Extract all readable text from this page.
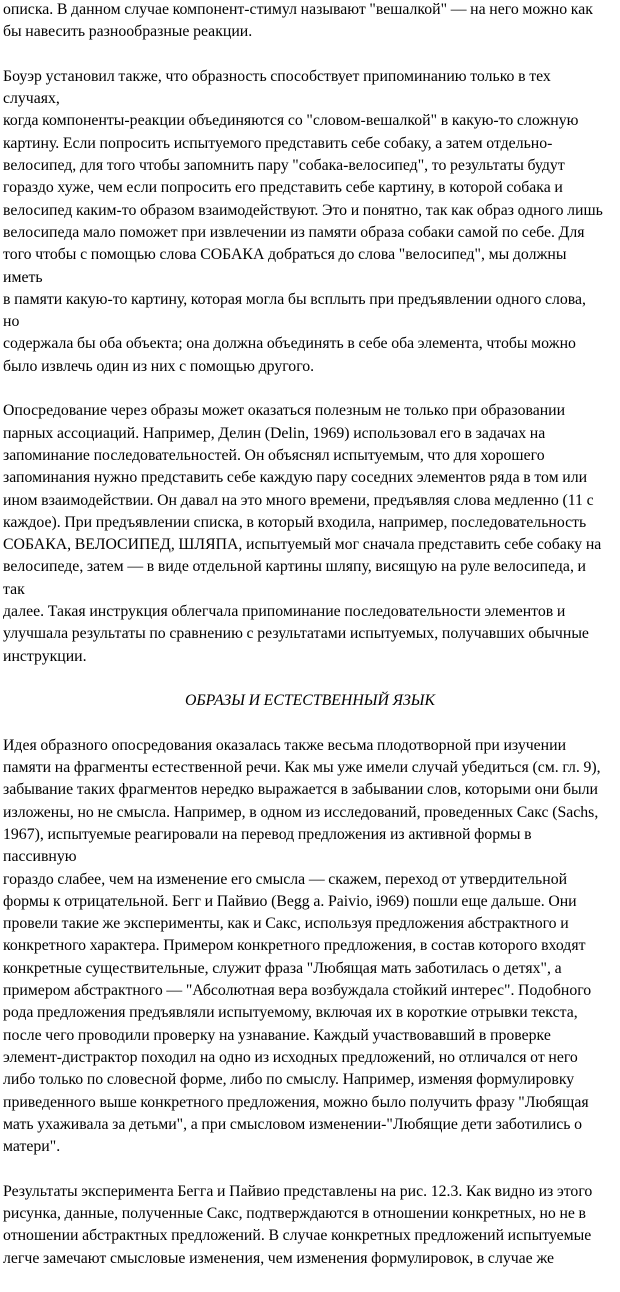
описка. В данном случае компонент-стимул называют "вешалкой" — на него можно как
бы навесить разнообразные реакции.

Боуэр установил также, что образность способствует припоминанию только в тех случаях,
когда компоненты-реакции объединяются со "словом-вешалкой" в какую-то сложную
картину. Если попросить испытуемого представить себе собаку, а затем отдельно-
велосипед, для того чтобы запомнить пару "собака-велосипед", то результаты будут
гораздо хуже, чем если попросить его представить себе картину, в которой собака и
велосипед каким-то образом взаимодействуют. Это и понятно, так как образ одного лишь
велосипеда мало поможет при извлечении из памяти образа собаки самой по себе. Для
того чтобы с помощью слова СОБАКА добраться до слова "велосипед", мы должны иметь
в памяти какую-то картину, которая могла бы всплыть при предъявлении одного слова, но
содержала бы оба объекта; она должна объединять в себе оба элемента, чтобы можно
было извлечь один из них с помощью другого.

Опосредование через образы может оказаться полезным не только при образовании
парных ассоциаций. Например, Делин (Delin, 1969) использовал его в задачах на
запоминание последовательностей. Он объяснял испытуемым, что для хорошего
запоминания нужно представить себе каждую пару соседних элементов ряда в том или
ином взаимодействии. Он давал на это много времени, предъявляя слова медленно (11 с
каждое). При предъявлении списка, в который входила, например, последовательность
СОБАКА, ВЕЛОСИПЕД, ШЛЯПА, испытуемый мог сначала представить себе собаку на
велосипеде, затем — в виде отдельной картины шляпу, висящую на руле велосипеда, и так
далее. Такая инструкция облегчала припоминание последовательности элементов и
улучшала результаты по сравнению с результатами испытуемых, получавших обычные
инструкции.

ОБРАЗЫ И ЕСТЕСТВЕННЫЙ ЯЗЫК

Идея образного опосредования оказалась также весьма плодотворной при изучении
памяти на фрагменты естественной речи. Как мы уже имели случай убедиться (см. гл. 9),
забывание таких фрагментов нередко выражается в забывании слов, которыми они были
изложены, но не смысла. Например, в одном из исследований, проведенных Сакс (Sachs,
1967), испытуемые реагировали на перевод предложения из активной формы в пассивную
гораздо слабее, чем на изменение его смысла — скажем, переход от утвердительной
формы к отрицательной. Бегг и Пайвио (Begg a. Paivio, i969) пошли еще дальше. Они
провели такие же эксперименты, как и Сакс, используя предложения абстрактного и
конкретного характера. Примером конкретного предложения, в состав которого входят
конкретные существительные, служит фраза "Любящая мать заботилась о детях", а
примером абстрактного — "Абсолютная вера возбуждала стойкий интерес". Подобного
рода предложения предъявляли испытуемому, включая их в короткие отрывки текста,
после чего проводили проверку на узнавание. Каждый участвовавший в проверке
элемент-дистрактор походил на одно из исходных предложений, но отличался от него
либо только по словесной форме, либо по смыслу. Например, изменяя формулировку
приведенного выше конкретного предложения, можно было получить фразу "Любящая
мать ухаживала за детьми", а при смысловом изменении-"Любящие дети заботились о
матери".

Результаты эксперимента Бегга и Пайвио представлены на рис. 12.3. Как видно из этого
рисунка, данные, полученные Сакс, подтверждаются в отношении конкретных, но не в
отношении абстрактных предложений. В случае конкретных предложений испытуемые
легче замечают смысловые изменения, чем изменения формулировок, в случае же
